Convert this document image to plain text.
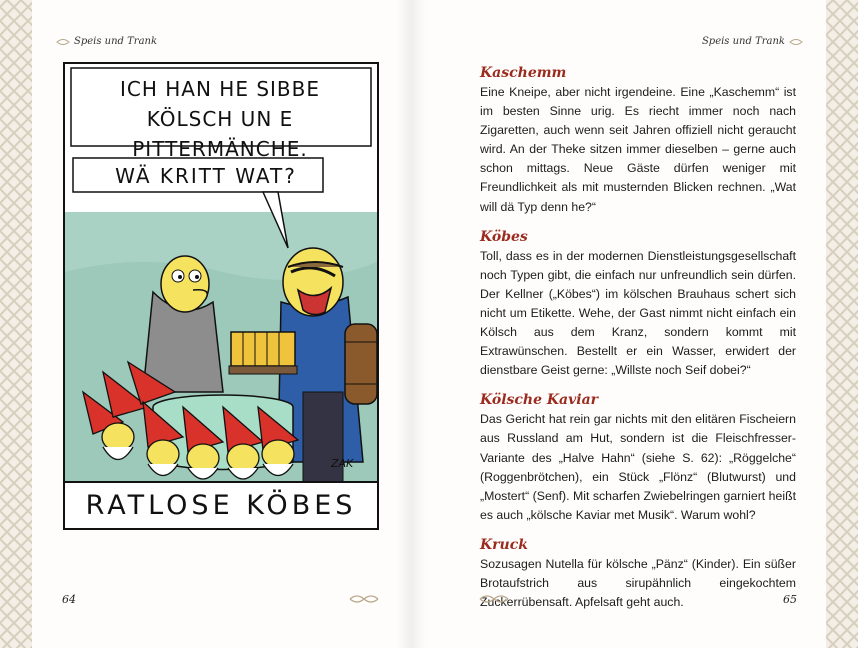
Speis und Trank	Speis und Trank
ZAK
ICH HAN HE SIBBE KÖLSCH UN E PITTERMÄNCHE.
WÄ KRITT WAT?
RATLOSE KÖBES
Kaschemm

Eine Kneipe, aber nicht irgendeine. Eine „Kaschemm“ ist im besten Sinne urig. Es riecht immer noch nach Zigaretten, auch wenn seit Jahren offiziell nicht geraucht wird. An der Theke sitzen immer dieselben – gerne auch schon mittags. Neue Gäste dürfen weniger mit Freundlichkeit als mit musternden Blicken rechnen. „Wat will dä Typ denn he?“

Köbes

Toll, dass es in der modernen Dienstleistungsgesellschaft noch Typen gibt, die einfach nur unfreundlich sein dürfen. Der Kellner („Köbes“) im kölschen Brauhaus schert sich nicht um Etikette. Wehe, der Gast nimmt nicht einfach ein Kölsch aus dem Kranz, sondern kommt mit Extrawünschen. Bestellt er ein Wasser, erwidert der dienstbare Geist gerne: „Willste noch Seif dobei?“

Kölsche Kaviar

Das Gericht hat rein gar nichts mit den elitären Fischeiern aus Russland am Hut, sondern ist die Fleischfresser-Variante des „Halve Hahn“ (siehe S. 62): „Röggelche“ (Roggenbrötchen), ein Stück „Flönz“ (Blutwurst) und „Mostert“ (Senf). Mit scharfen Zwiebelringen garniert heißt es auch „kölsche Kaviar met Musik“. Warum wohl?

Kruck

Sozusagen Nutella für kölsche „Pänz“ (Kinder). Ein süßer Brotaufstrich aus sirupähnlich eingekochtem Zuckerrübensaft. Apfelsaft geht auch.

64	65
